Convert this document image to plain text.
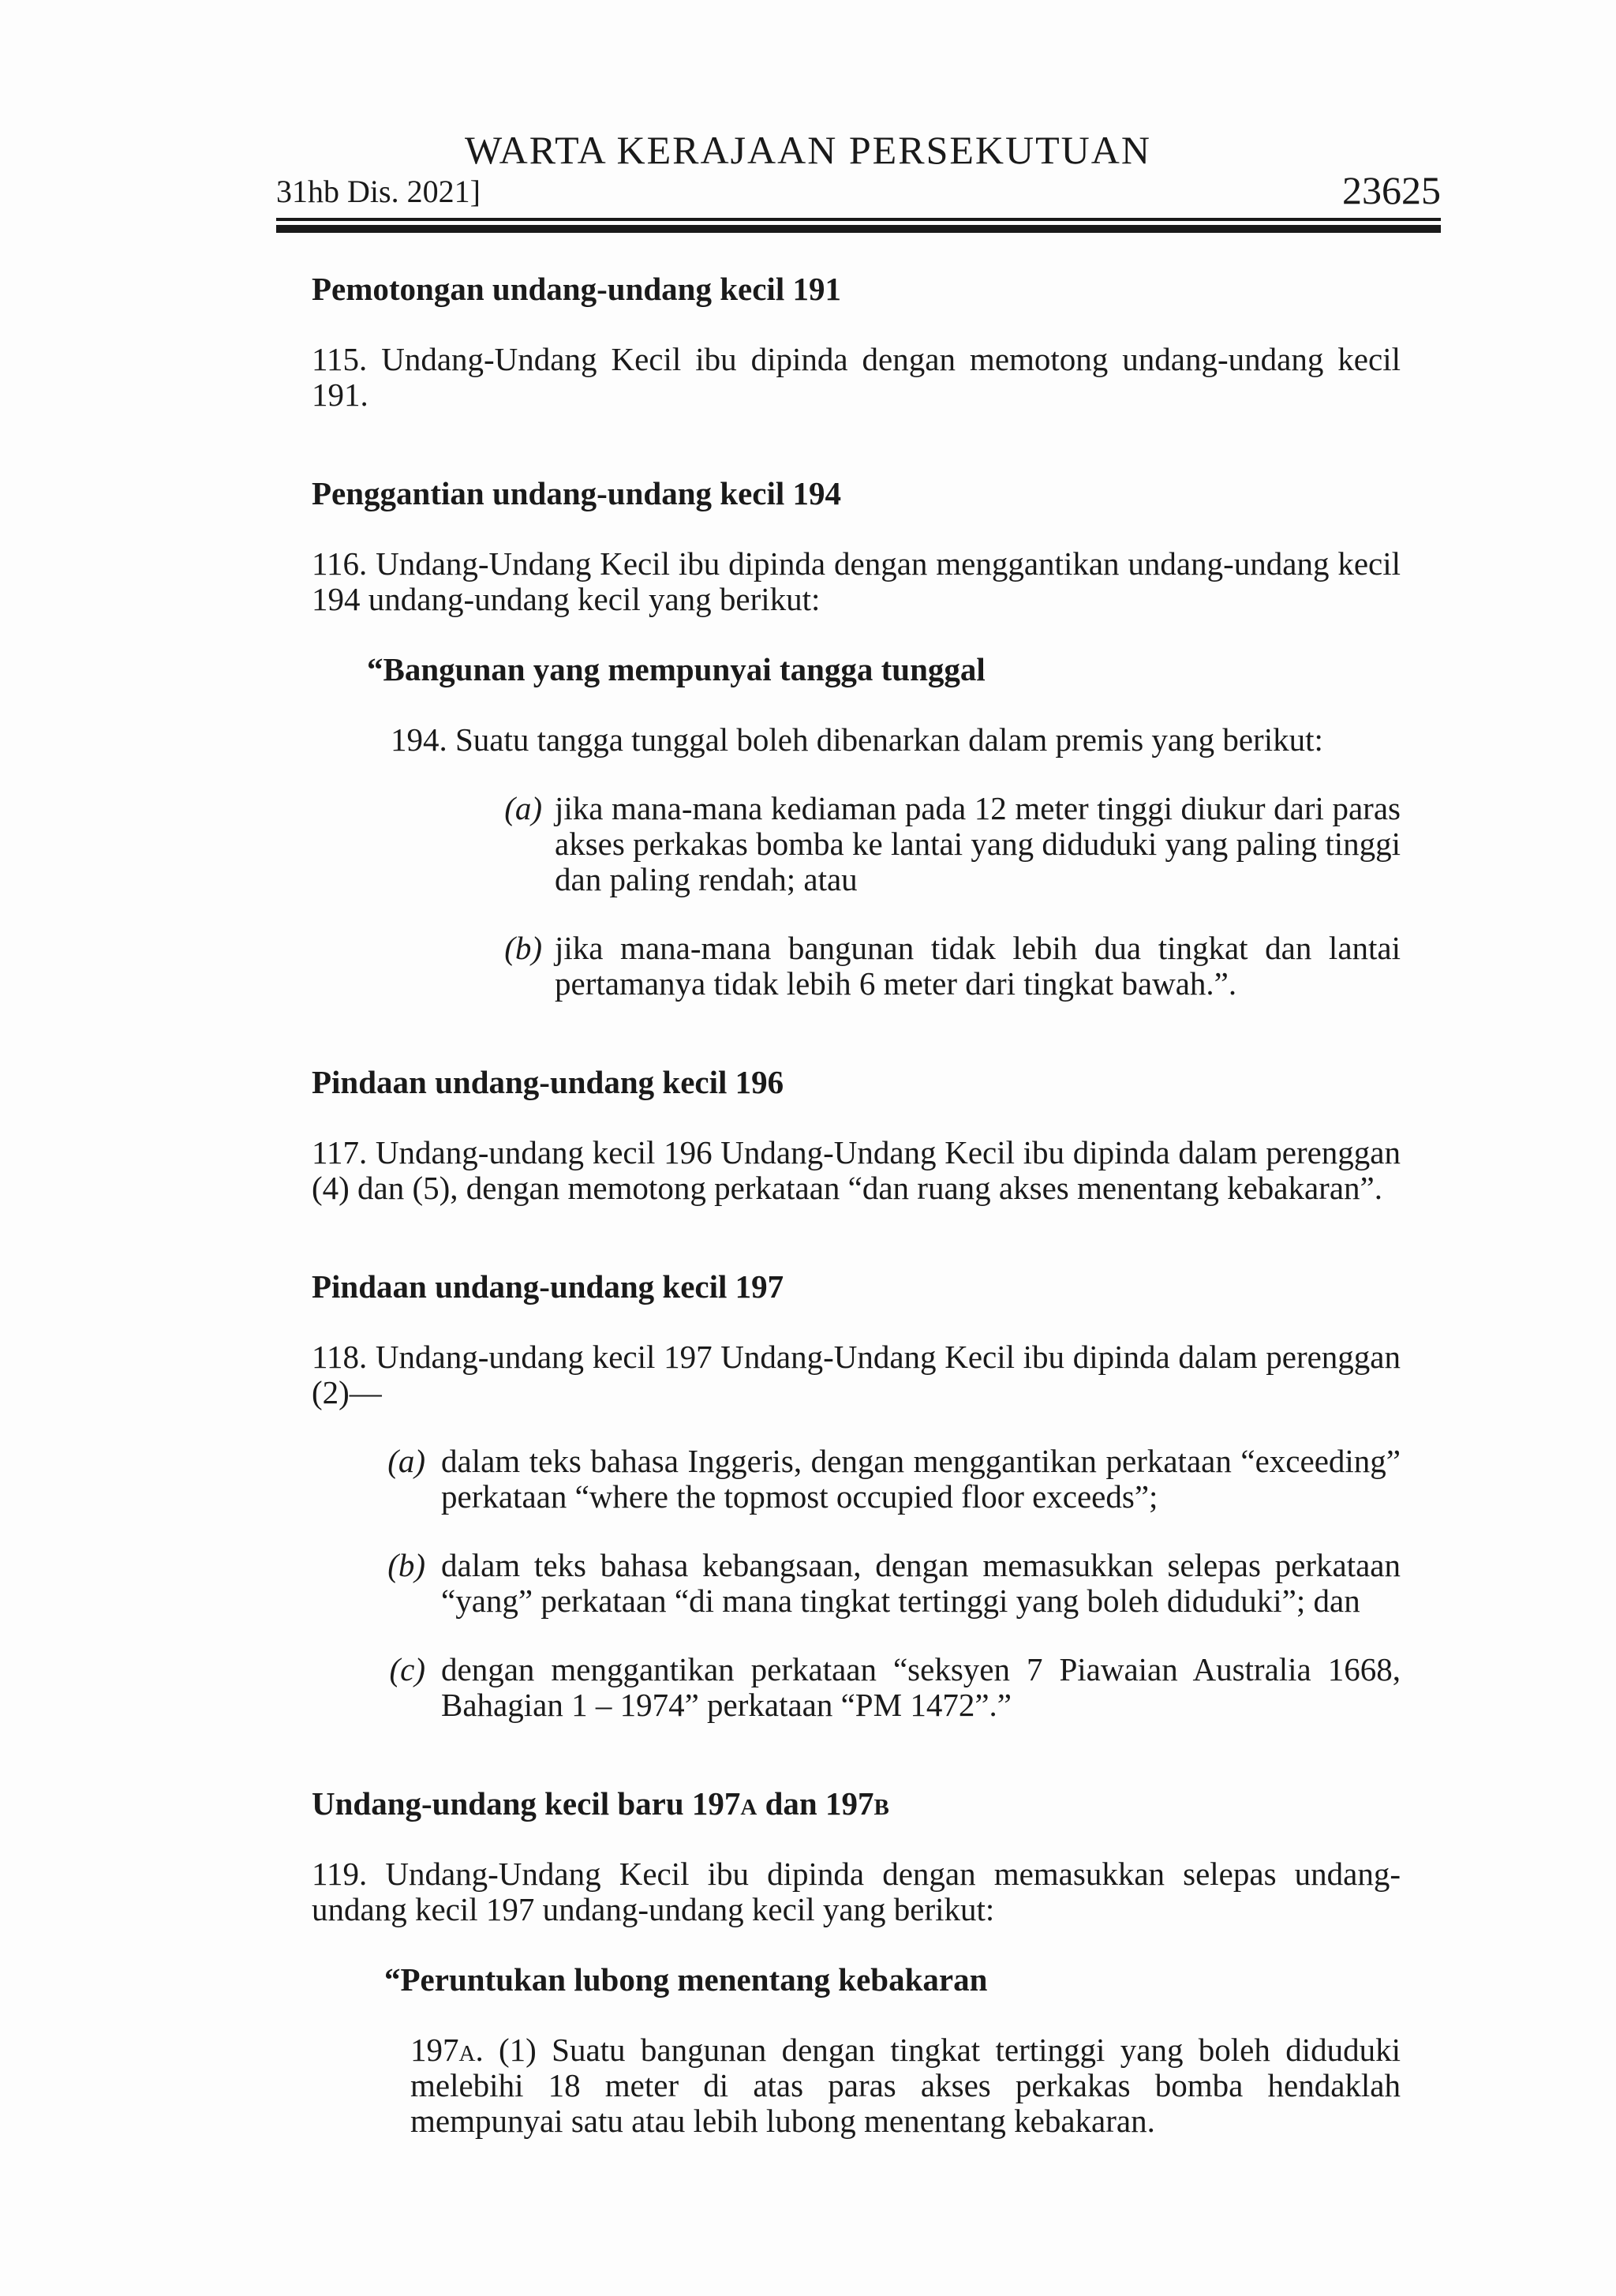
WARTA KERAJAAN PERSEKUTUAN
31hb Dis. 2021]	23625

Pemotongan undang-undang kecil 191

115. Undang-Undang Kecil ibu dipinda dengan memotong undang-undang kecil 191.

Penggantian undang-undang kecil 194

116. Undang-Undang Kecil ibu dipinda dengan menggantikan undang-undang kecil 194 undang-undang kecil yang berikut:

“Bangunan yang mempunyai tangga tunggal

194. Suatu tangga tunggal boleh dibenarkan dalam premis yang berikut:

(a) jika mana-mana kediaman pada 12 meter tinggi diukur dari paras akses perkakas bomba ke lantai yang diduduki yang paling tinggi dan paling rendah; atau
(b) jika mana-mana bangunan tidak lebih dua tingkat dan lantai pertamanya tidak lebih 6 meter dari tingkat bawah.”.

Pindaan undang-undang kecil 196

117. Undang-undang kecil 196 Undang-Undang Kecil ibu dipinda dalam perenggan (4) dan (5), dengan memotong perkataan “dan ruang akses menentang kebakaran”.

Pindaan undang-undang kecil 197

118. Undang-undang kecil 197 Undang-Undang Kecil ibu dipinda dalam perenggan (2)—

(a) dalam teks bahasa Inggeris, dengan menggantikan perkataan “exceeding” perkataan “where the topmost occupied floor exceeds”;
(b) dalam teks bahasa kebangsaan, dengan memasukkan selepas perkataan “yang” perkataan “di mana tingkat tertinggi yang boleh diduduki”; dan
(c) dengan menggantikan perkataan “seksyen 7 Piawaian Australia 1668, Bahagian 1 – 1974” perkataan “PM 1472”.”

Undang-undang kecil baru 197a dan 197b

119. Undang-Undang Kecil ibu dipinda dengan memasukkan selepas undang-undang kecil 197 undang-undang kecil yang berikut:

“Peruntukan lubong menentang kebakaran

197a. (1) Suatu bangunan dengan tingkat tertinggi yang boleh diduduki melebihi 18 meter di atas paras akses perkakas bomba hendaklah mempunyai satu atau lebih lubong menentang kebakaran.
